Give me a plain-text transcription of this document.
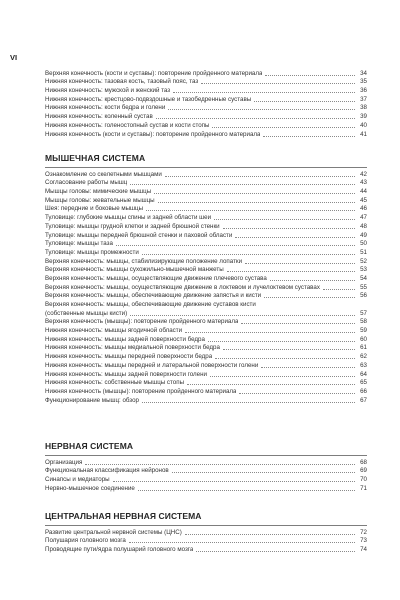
VI
Верхняя конечность (кости и суставы): повторение пройденного материала	34
Нижняя конечность: тазовая кость, тазовый пояс, таз	35
Нижняя конечность: мужской и женский таз	36
Нижняя конечность: крестцово-подвздошные и тазобедренные суставы	37
Нижняя конечность: кости бедра и голени	38
Нижняя конечность: коленный сустав	39
Нижняя конечность: голеностопный сустав и кости стопы	40
Нижняя конечность (кости и суставы): повторение пройденного материала	41
МЫШЕЧНАЯ СИСТЕМА
Ознакомление со скелетными мышцами	42
Согласование работы мышц	43
Мышцы головы: мимические мышцы	44
Мышцы головы: жевательные мышцы	45
Шея: передние и боковые мышцы	46
Туловище: глубокие мышцы спины и задней области шеи	47
Туловище: мышцы грудной клетки и задней брюшной стенки	48
Туловище: мышцы передней брюшной стенки и паховой области	49
Туловище: мышцы таза	50
Туловище: мышцы промежности	51
Верхняя конечность: мышцы, стабилизирующие положение лопатки	52
Верхняя конечность: мышцы сухожильно-мышечной манжеты	53
Верхняя конечность: мышцы, осуществляющие движение плечевого сустава	54
Верхняя конечность: мышцы, осуществляющие движение в локтевом и лучелоктевом суставах	55
Верхняя конечность: мышцы, обеспечивающие движение запястья и кисти	56
Верхняя конечность: мышцы, обеспечивающие движение суставов кисти
(собственные мышцы кисти)	57
Верхняя конечность (мышцы): повторение пройденного материала	58
Нижняя конечность: мышцы ягодичной области	59
Нижняя конечность: мышцы задней поверхности бедра	60
Нижняя конечность: мышцы медиальной поверхности бедра	61
Нижняя конечность: мышцы передней поверхности бедра	62
Нижняя конечность: мышцы передней и латеральной поверхности голени	63
Нижняя конечность: мышцы задней поверхности голени	64
Нижняя конечность: собственные мышцы стопы	65
Нижняя конечность (мышцы): повторение пройденного материала	66
Функционирование мышц: обзор	67
НЕРВНАЯ СИСТЕМА
Организация	68
Функциональная классификация нейронов	69
Синапсы и медиаторы	70
Нервно-мышечное соединение	71
ЦЕНТРАЛЬНАЯ НЕРВНАЯ СИСТЕМА
Развитие центральной нервной системы (ЦНС)	72
Полушария головного мозга	73
Проводящие пути/ядра полушарий головного мозга	74
